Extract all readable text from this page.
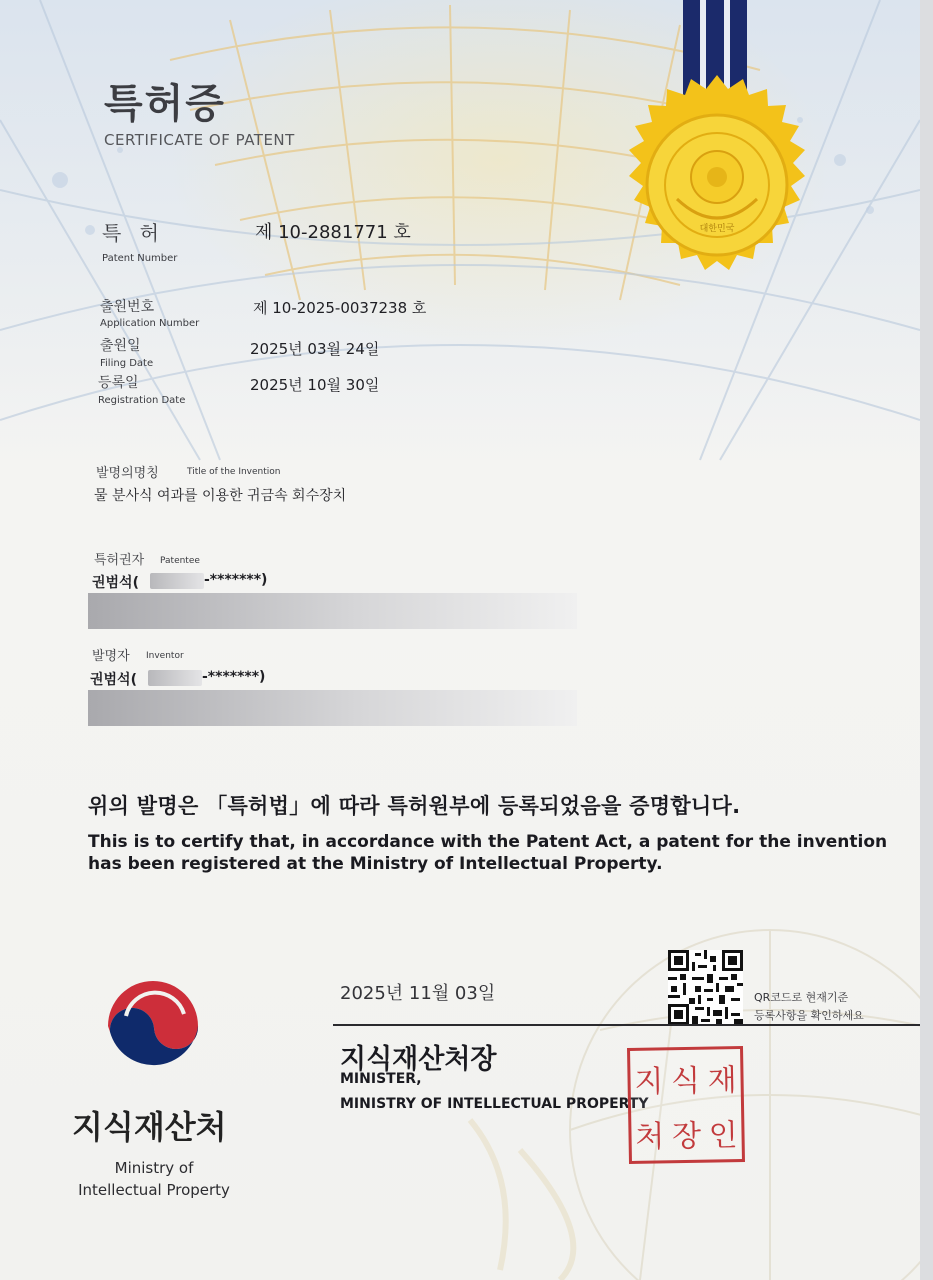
대한민국
특허증
CERTIFICATE OF PATENT
특 허
Patent Number
제 10-2881771 호
출원번호
Application Number
제 10-2025-0037238 호
출원일
Filing Date
2025년 03월 24일
등록일
Registration Date
2025년 10월 30일
발명의명칭	Title of the Invention
물 분사식 여과를 이용한 귀금속 회수장치
특허권자 Patentee
권범석(	-*******)
발명자 Inventor
권범석(	-*******)
위의 발명은 「특허법」에 따라 특허원부에 등록되었음을 증명합니다.
This is to certify that, in accordance with the Patent Act, a patent for the invention has been registered at the Ministry of Intellectual Property.
2025년 11월 03일	QR코드로 현재기준
등록사항을 확인하세요
지식재산처장
MINISTER,
MINISTRY OF INTELLECTUAL PROPERTY
지 식 재
처 장 인
지식재산처
Ministry of
Intellectual Property
